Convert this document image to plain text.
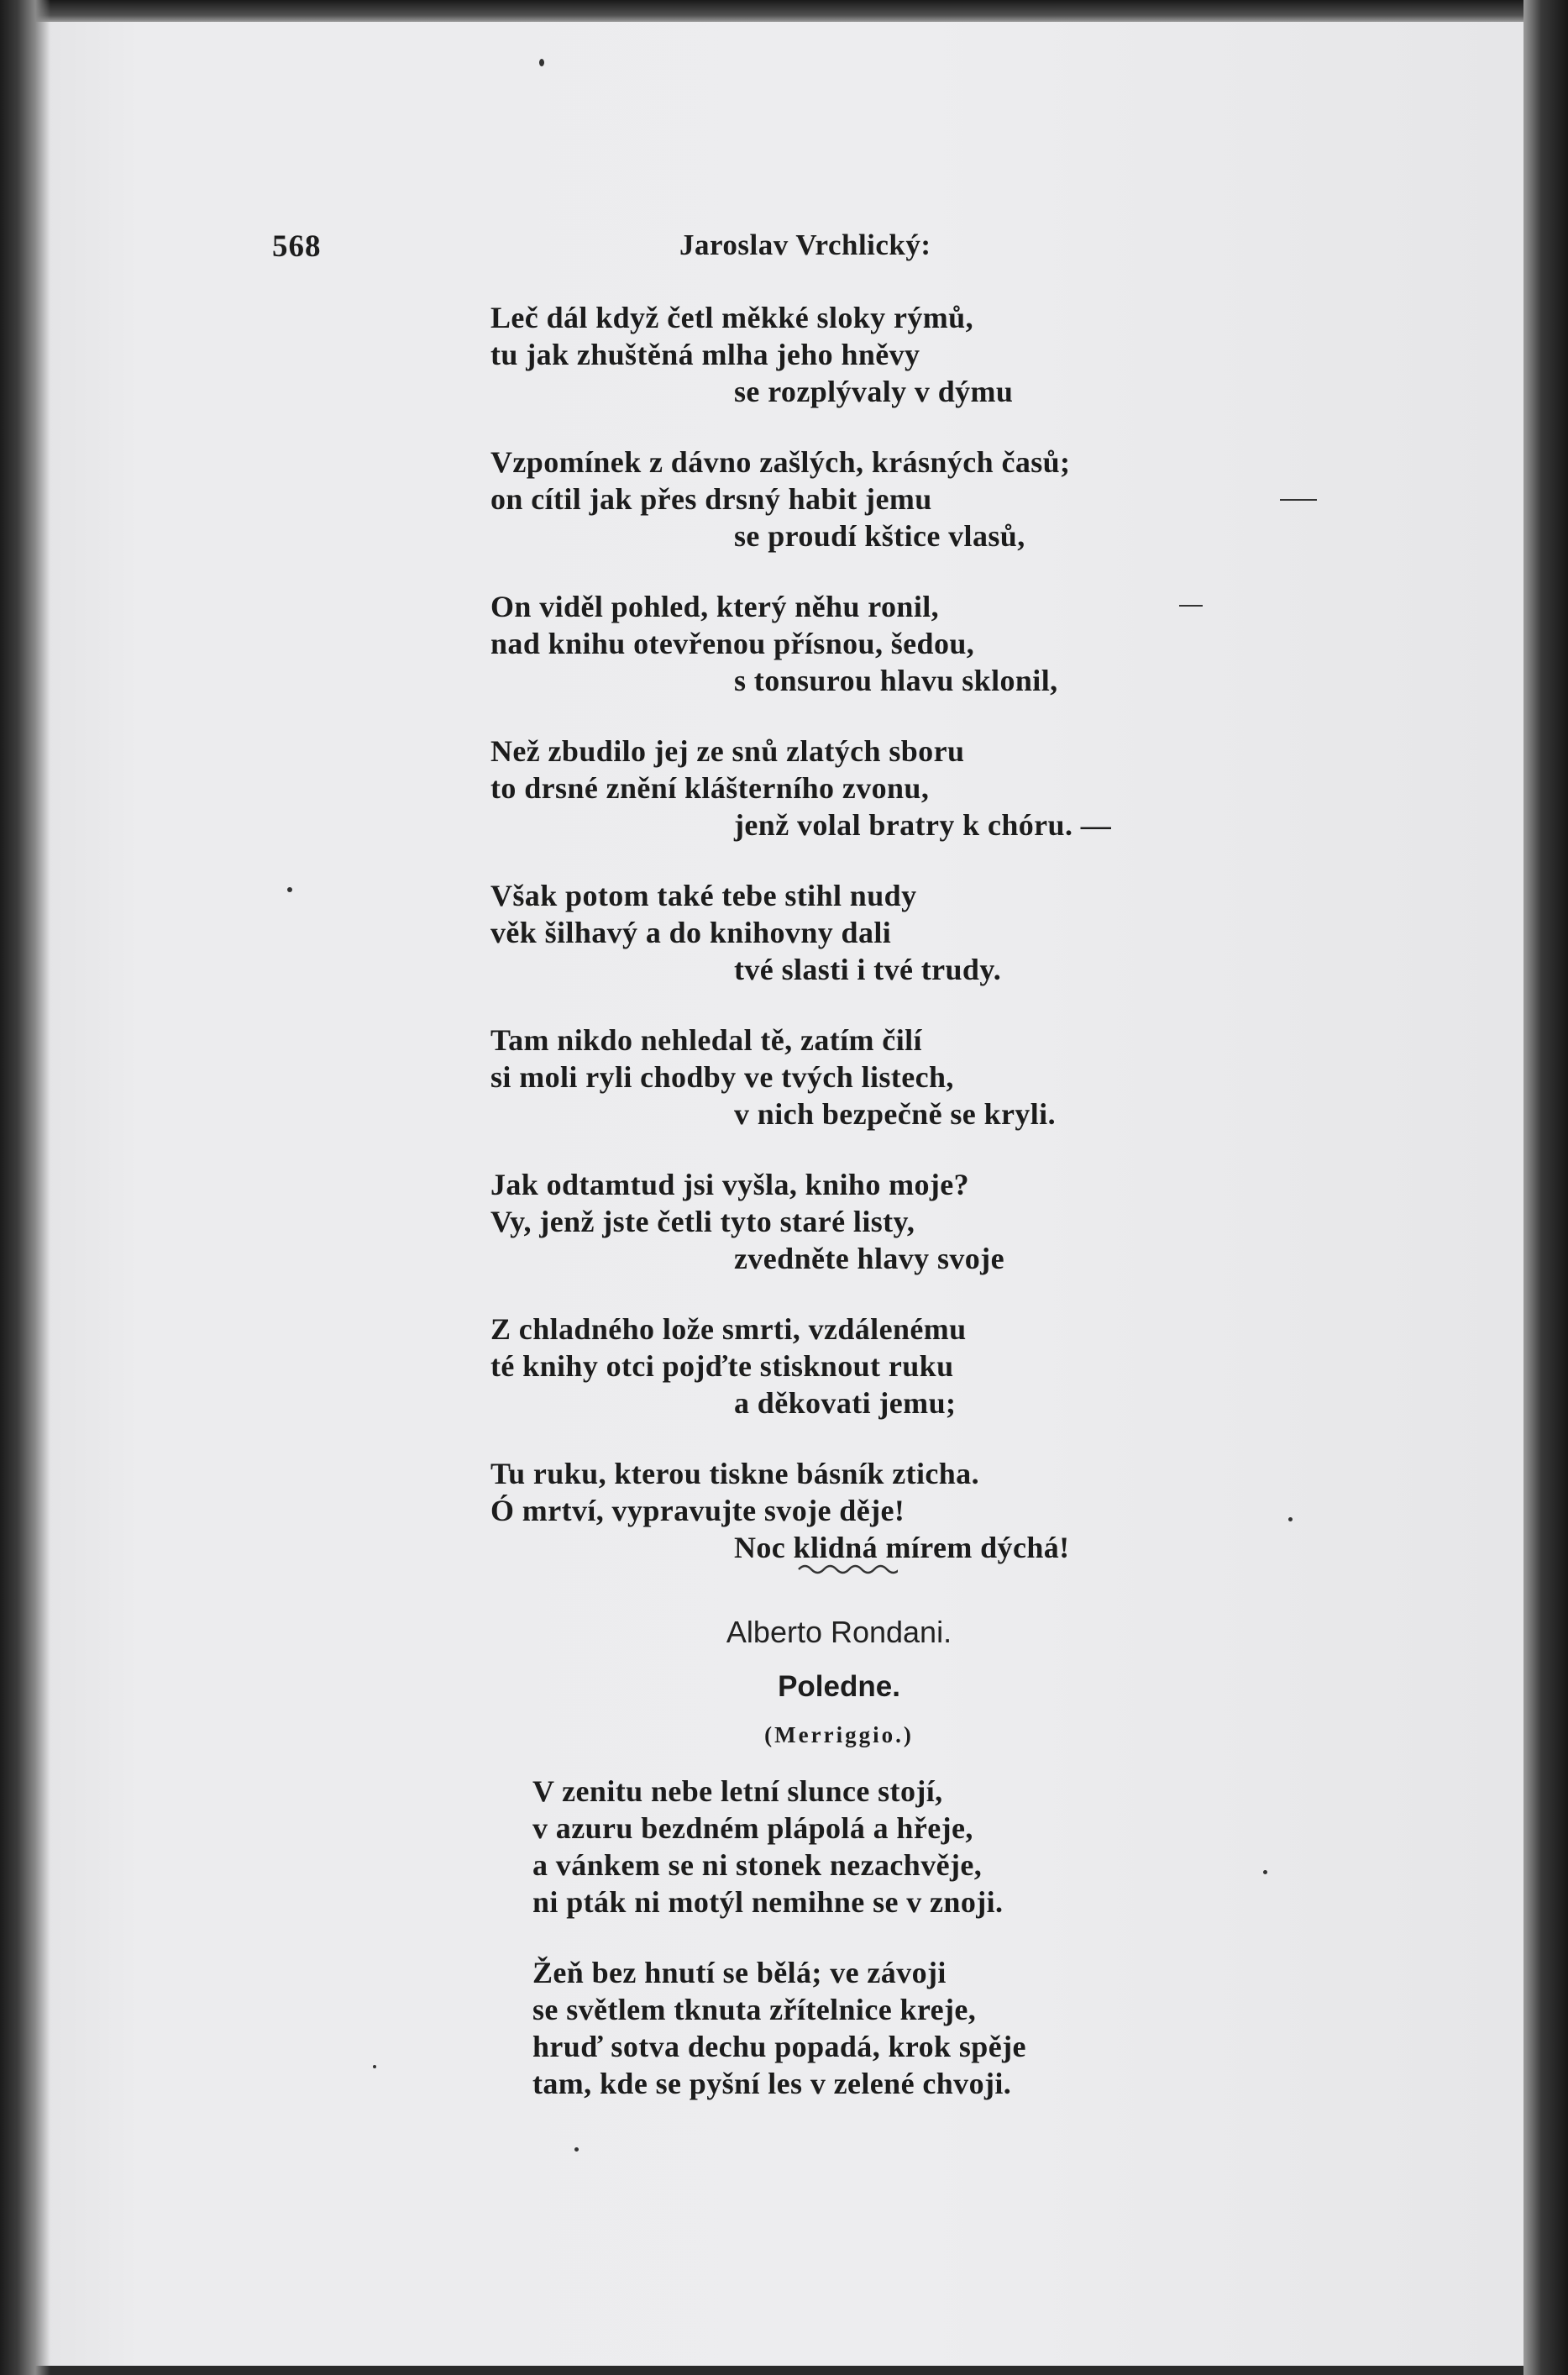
568	Jaroslav Vrchlický:
Leč dál když četl měkké sloky rýmů,
tu jak zhuštěná mlha jeho hněvy
se rozplývaly v dýmu
Vzpomínek z dávno zašlých, krásných časů;
on cítil jak přes drsný habit jemu
se proudí kštice vlasů,
On viděl pohled, který něhu ronil,
nad knihu otevřenou přísnou, šedou,
s tonsurou hlavu sklonil,
Než zbudilo jej ze snů zlatých sboru
to drsné znění klášterního zvonu,
jenž volal bratry k chóru. —
Však potom také tebe stihl nudy
věk šilhavý a do knihovny dali
tvé slasti i tvé trudy.
Tam nikdo nehledal tě, zatím čilí
si moli ryli chodby ve tvých listech,
v nich bezpečně se kryli.
Jak odtamtud jsi vyšla, kniho moje?
Vy, jenž jste četli tyto staré listy,
zvedněte hlavy svoje
Z chladného lože smrti, vzdálenému
té knihy otci pojďte stisknout ruku
a děkovati jemu;
Tu ruku, kterou tiskne básník zticha.
Ó mrtví, vypravujte svoje děje!
Noc klidná mírem dýchá!
Alberto Rondani.
Poledne.
(Merriggio.)
V zenitu nebe letní slunce stojí,
v azuru bezdném plápolá a hřeje,
a vánkem se ni stonek nezachvěje,
ni pták ni motýl nemihne se v znoji.
Žeň bez hnutí se bělá; ve závoji
se světlem tknuta zřítelnice kreje,
hruď sotva dechu popadá, krok spěje
tam, kde se pyšní les v zelené chvoji.
